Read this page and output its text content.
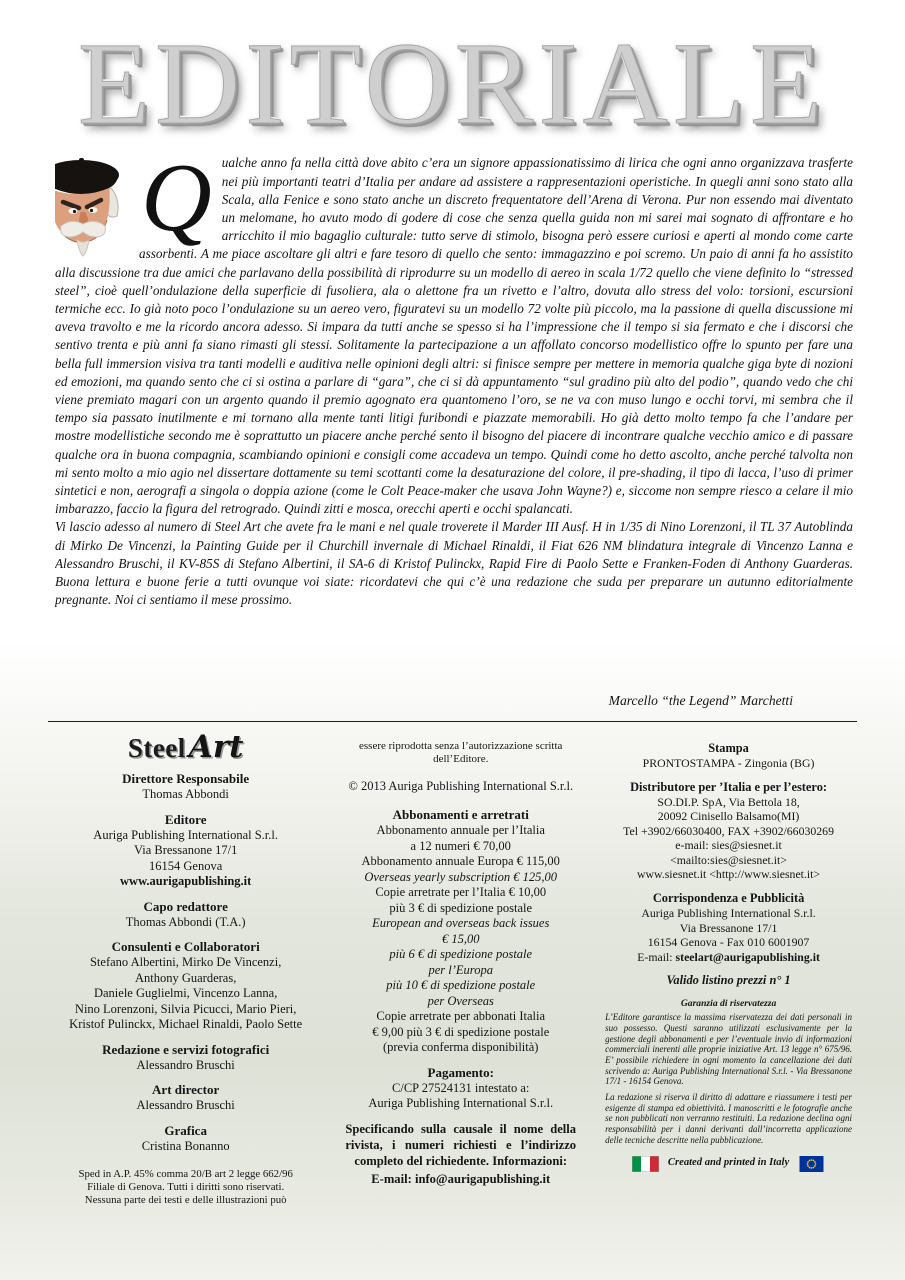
EDITORIALE
Q ualche anno fa nella città dove abito c’era un signore appassionatissimo di lirica che ogni anno organizzava trasferte nei più importanti teatri d’Italia per andare ad assistere a rappresentazioni operistiche. In quegli anni sono stato alla Scala, alla Fenice e sono stato anche un discreto frequentatore dell’Arena di Verona. Pur non essendo mai diventato un melomane, ho avuto modo di godere di cose che senza quella guida non mi sarei mai sognato di affrontare e ho arricchito il mio bagaglio culturale: tutto serve di stimolo, bisogna però essere curiosi e aperti al mondo come carte assorbenti. A me piace ascoltare gli altri e fare tesoro di quello che sento: immagazzino e poi scremo. Un paio di anni fa ho assistito alla discussione tra due amici che parlavano della possibilità di riprodurre su un modello di aereo in scala 1/72 quello che viene definito lo “stressed steel”, cioè quell’ondulazione della superficie di fusoliera, ala o alettone fra un rivetto e l’altro, dovuta allo stress del volo: torsioni, escursioni termiche ecc. Io già noto poco l’ondulazione su un aereo vero, figuratevi su un modello 72 volte più piccolo, ma la passione di quella discussione mi aveva travolto e me la ricordo ancora adesso. Si impara da tutti anche se spesso si ha l’impressione che il tempo si sia fermato e che i discorsi che sentivo trenta e più anni fa siano rimasti gli stessi. Solitamente la partecipazione a un affollato concorso modellistico offre lo spunto per fare una bella full immersion visiva tra tanti modelli e auditiva nelle opinioni degli altri: si finisce sempre per mettere in memoria qualche giga byte di nozioni ed emozioni, ma quando sento che ci si ostina a parlare di “gara”, che ci si dà appuntamento “sul gradino più alto del podio”, quando vedo che chi viene premiato magari con un argento quando il premio agognato era quantomeno l’oro, se ne va con muso lungo e occhi torvi, mi sembra che il tempo sia passato inutilmente e mi tornano alla mente tanti litigi furibondi e piazzate memorabili. Ho già detto molto tempo fa che l’andare per mostre modellistiche secondo me è soprattutto un piacere anche perché sento il bisogno del piacere di incontrare qualche vecchio amico e di passare qualche ora in buona compagnia, scambiando opinioni e consigli come accadeva un tempo. Quindi come ho detto ascolto, anche perché talvolta non mi sento molto a mio agio nel dissertare dottamente su temi scottanti come la desaturazione del colore, il pre-shading, il tipo di lacca, l’uso di primer sintetici e non, aerografi a singola o doppia azione (come le Colt Peace-maker che usava John Wayne?) e, siccome non sempre riesco a celare il mio imbarazzo, faccio la figura del retrogrado. Quindi zitti e mosca, orecchi aperti e occhi spalancati.

Vi lascio adesso al numero di Steel Art che avete fra le mani e nel quale troverete il Marder III Ausf. H in 1/35 di Nino Lorenzoni, il TL 37 Autoblinda di Mirko De Vincenzi, la Painting Guide per il Churchill invernale di Michael Rinaldi, il Fiat 626 NM blindatura integrale di Vincenzo Lanna e Alessandro Bruschi, il KV-85S di Stefano Albertini, il SA-6 di Kristof Pulinckx, Rapid Fire di Paolo Sette e Franken-Foden di Anthony Guarderas. Buona lettura e buone ferie a tutti ovunque voi siate: ricordatevi che qui c’è una redazione che suda per preparare un autunno editorialmente pregnante. Noi ci sentiamo il mese prossimo.

Marcello “the Legend” Marchetti

SteelArt
Direttore Responsabile
Thomas Abbondi
Editore
Auriga Publishing International S.r.l.
Via Bressanone 17/1
16154 Genova
www.aurigapublishing.it
Capo redattore
Thomas Abbondi (T.A.)
Consulenti e Collaboratori
Stefano Albertini, Mirko De Vincenzi,
Anthony Guarderas,
Daniele Guglielmi, Vincenzo Lanna,
Nino Lorenzoni, Silvia Picucci, Mario Pieri,
Kristof Pulinckx, Michael Rinaldi, Paolo Sette
Redazione e servizi fotografici
Alessandro Bruschi
Art director
Alessandro Bruschi
Grafica
Cristina Bonanno
Sped in A.P. 45% comma 20/B art 2 legge 662/96
Filiale di Genova. Tutti i diritti sono riservati.
Nessuna parte dei testi e delle illustrazioni può
essere riprodotta senza l’autorizzazione scritta
dell’Editore.
© 2013 Auriga Publishing International S.r.l.
Abbonamenti e arretrati
Abbonamento annuale per l’Italia
a 12 numeri € 70,00
Abbonamento annuale Europa € 115,00
Overseas yearly subscription € 125,00
Copie arretrate per l’Italia € 10,00
più 3 € di spedizione postale
European and overseas back issues
€ 15,00
più 6 € di spedizione postale
per l’Europa
più 10 € di spedizione postale
per Overseas
Copie arretrate per abbonati Italia
€ 9,00 più 3 € di spedizione postale
(previa conferma disponibilità)
Pagamento:
C/CP 27524131 intestato a:
Auriga Publishing International S.r.l.
Specificando sulla causale il nome della rivista, i numeri richiesti e l’indirizzo completo del richiedente. Informazioni:
E-mail: info@aurigapublishing.it
Stampa
PRONTOSTAMPA - Zingonia (BG)
Distributore per ’Italia e per l’estero:
SO.DI.P. SpA, Via Bettola 18,
20092 Cinisello Balsamo(MI)
Tel +3902/66030400, FAX +3902/66030269
e-mail: sies@siesnet.it
<mailto:sies@siesnet.it>
www.siesnet.it <http://www.siesnet.it>
Corrispondenza e Pubblicità
Auriga Publishing International S.r.l.
Via Bressanone 17/1
16154 Genova - Fax 010 6001907
E-mail: steelart@aurigapublishing.it
Valido listino prezzi n° 1
Garanzia di riservatezza

L’Editore garantisce la massima riservatezza dei dati personali in suo possesso. Questi saranno utilizzati esclusivamente per la gestione degli abbonamenti e per l’eventuale invio di informazioni commerciali inerenti alle proprie iniziative Art. 13 legge n° 675/96. E’ possibile richiedere in ogni momento la cancellazione dei dati scrivendo a: Auriga Publishing International S.r.l. - Via Bressanone 17/1 - 16154 Genova.

La redazione si riserva il diritto di adattare e riassumere i testi per esigenze di stampa ed obiettività. I manoscritti e le fotografie anche se non pubblicati non verranno restituiti. La redazione declina ogni responsabilità per i danni derivanti dall’incorretta applicazione delle tecniche descritte nella pubblicazione.

Created and printed in Italy
